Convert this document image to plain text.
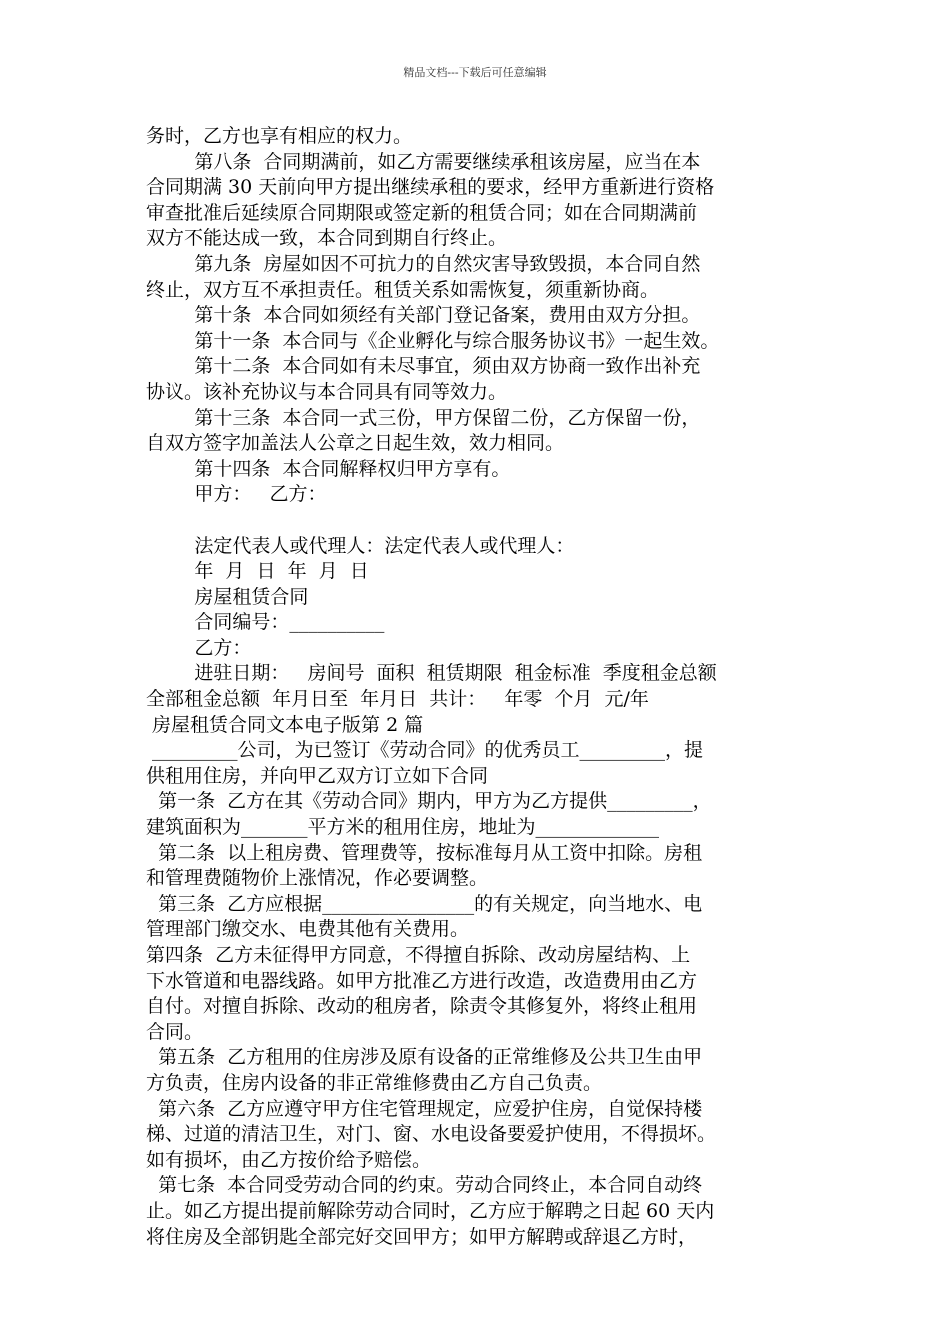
精品文档---下载后可任意编辑

务时，乙方也享有相应的权力。

第八条  合同期满前，如乙方需要继续承租该房屋，应当在本

合同期满 30 天前向甲方提出继续承租的要求，经甲方重新进行资格

审查批准后延续原合同期限或签定新的租赁合同；如在合同期满前

双方不能达成一致，本合同到期自行终止。

第九条  房屋如因不可抗力的自然灾害导致毁损，本合同自然

终止，双方互不承担责任。租赁关系如需恢复，须重新协商。

第十条  本合同如须经有关部门登记备案，费用由双方分担。

第十一条  本合同与《企业孵化与综合服务协议书》一起生效。

第十二条  本合同如有未尽事宜，须由双方协商一致作出补充

协议。该补充协议与本合同具有同等效力。

第十三条  本合同一式三份，甲方保留二份，乙方保留一份，

自双方签字加盖法人公章之日起生效，效力相同。

第十四条  本合同解释权归甲方享有。

甲方：   乙方：

法定代表人或代理人：法定代表人或代理人：

年  月  日  年  月  日

房屋租赁合同

合同编号：__________

乙方：

进驻日期：   房间号  面积  租赁期限  租金标准  季度租金总额

全部租金总额  年月日至  年月日  共计：   年零  个月  元/年

房屋租赁合同文本电子版第 2 篇

_________公司，为已签订《劳动合同》的优秀员工_________，提

供租用住房，并向甲乙双方订立如下合同

第一条  乙方在其《劳动合同》期内，甲方为乙方提供_________，

建筑面积为_______平方米的租用住房，地址为_____________

第二条  以上租房费、管理费等，按标准每月从工资中扣除。房租

和管理费随物价上涨情况，作必要调整。

第三条  乙方应根据________________的有关规定，向当地水、电

管理部门缴交水、电费其他有关费用。

第四条  乙方未征得甲方同意，不得擅自拆除、改动房屋结构、上

下水管道和电器线路。如甲方批准乙方进行改造，改造费用由乙方

自付。对擅自拆除、改动的租房者，除责令其修复外，将终止租用

合同。

第五条  乙方租用的住房涉及原有设备的正常维修及公共卫生由甲

方负责，住房内设备的非正常维修费由乙方自己负责。

第六条  乙方应遵守甲方住宅管理规定，应爱护住房，自觉保持楼

梯、过道的清洁卫生，对门、窗、水电设备要爱护使用，不得损坏。

如有损坏，由乙方按价给予赔偿。

第七条  本合同受劳动合同的约束。劳动合同终止，本合同自动终

止。如乙方提出提前解除劳动合同时，乙方应于解聘之日起 60 天内

将住房及全部钥匙全部完好交回甲方；如甲方解聘或辞退乙方时，
